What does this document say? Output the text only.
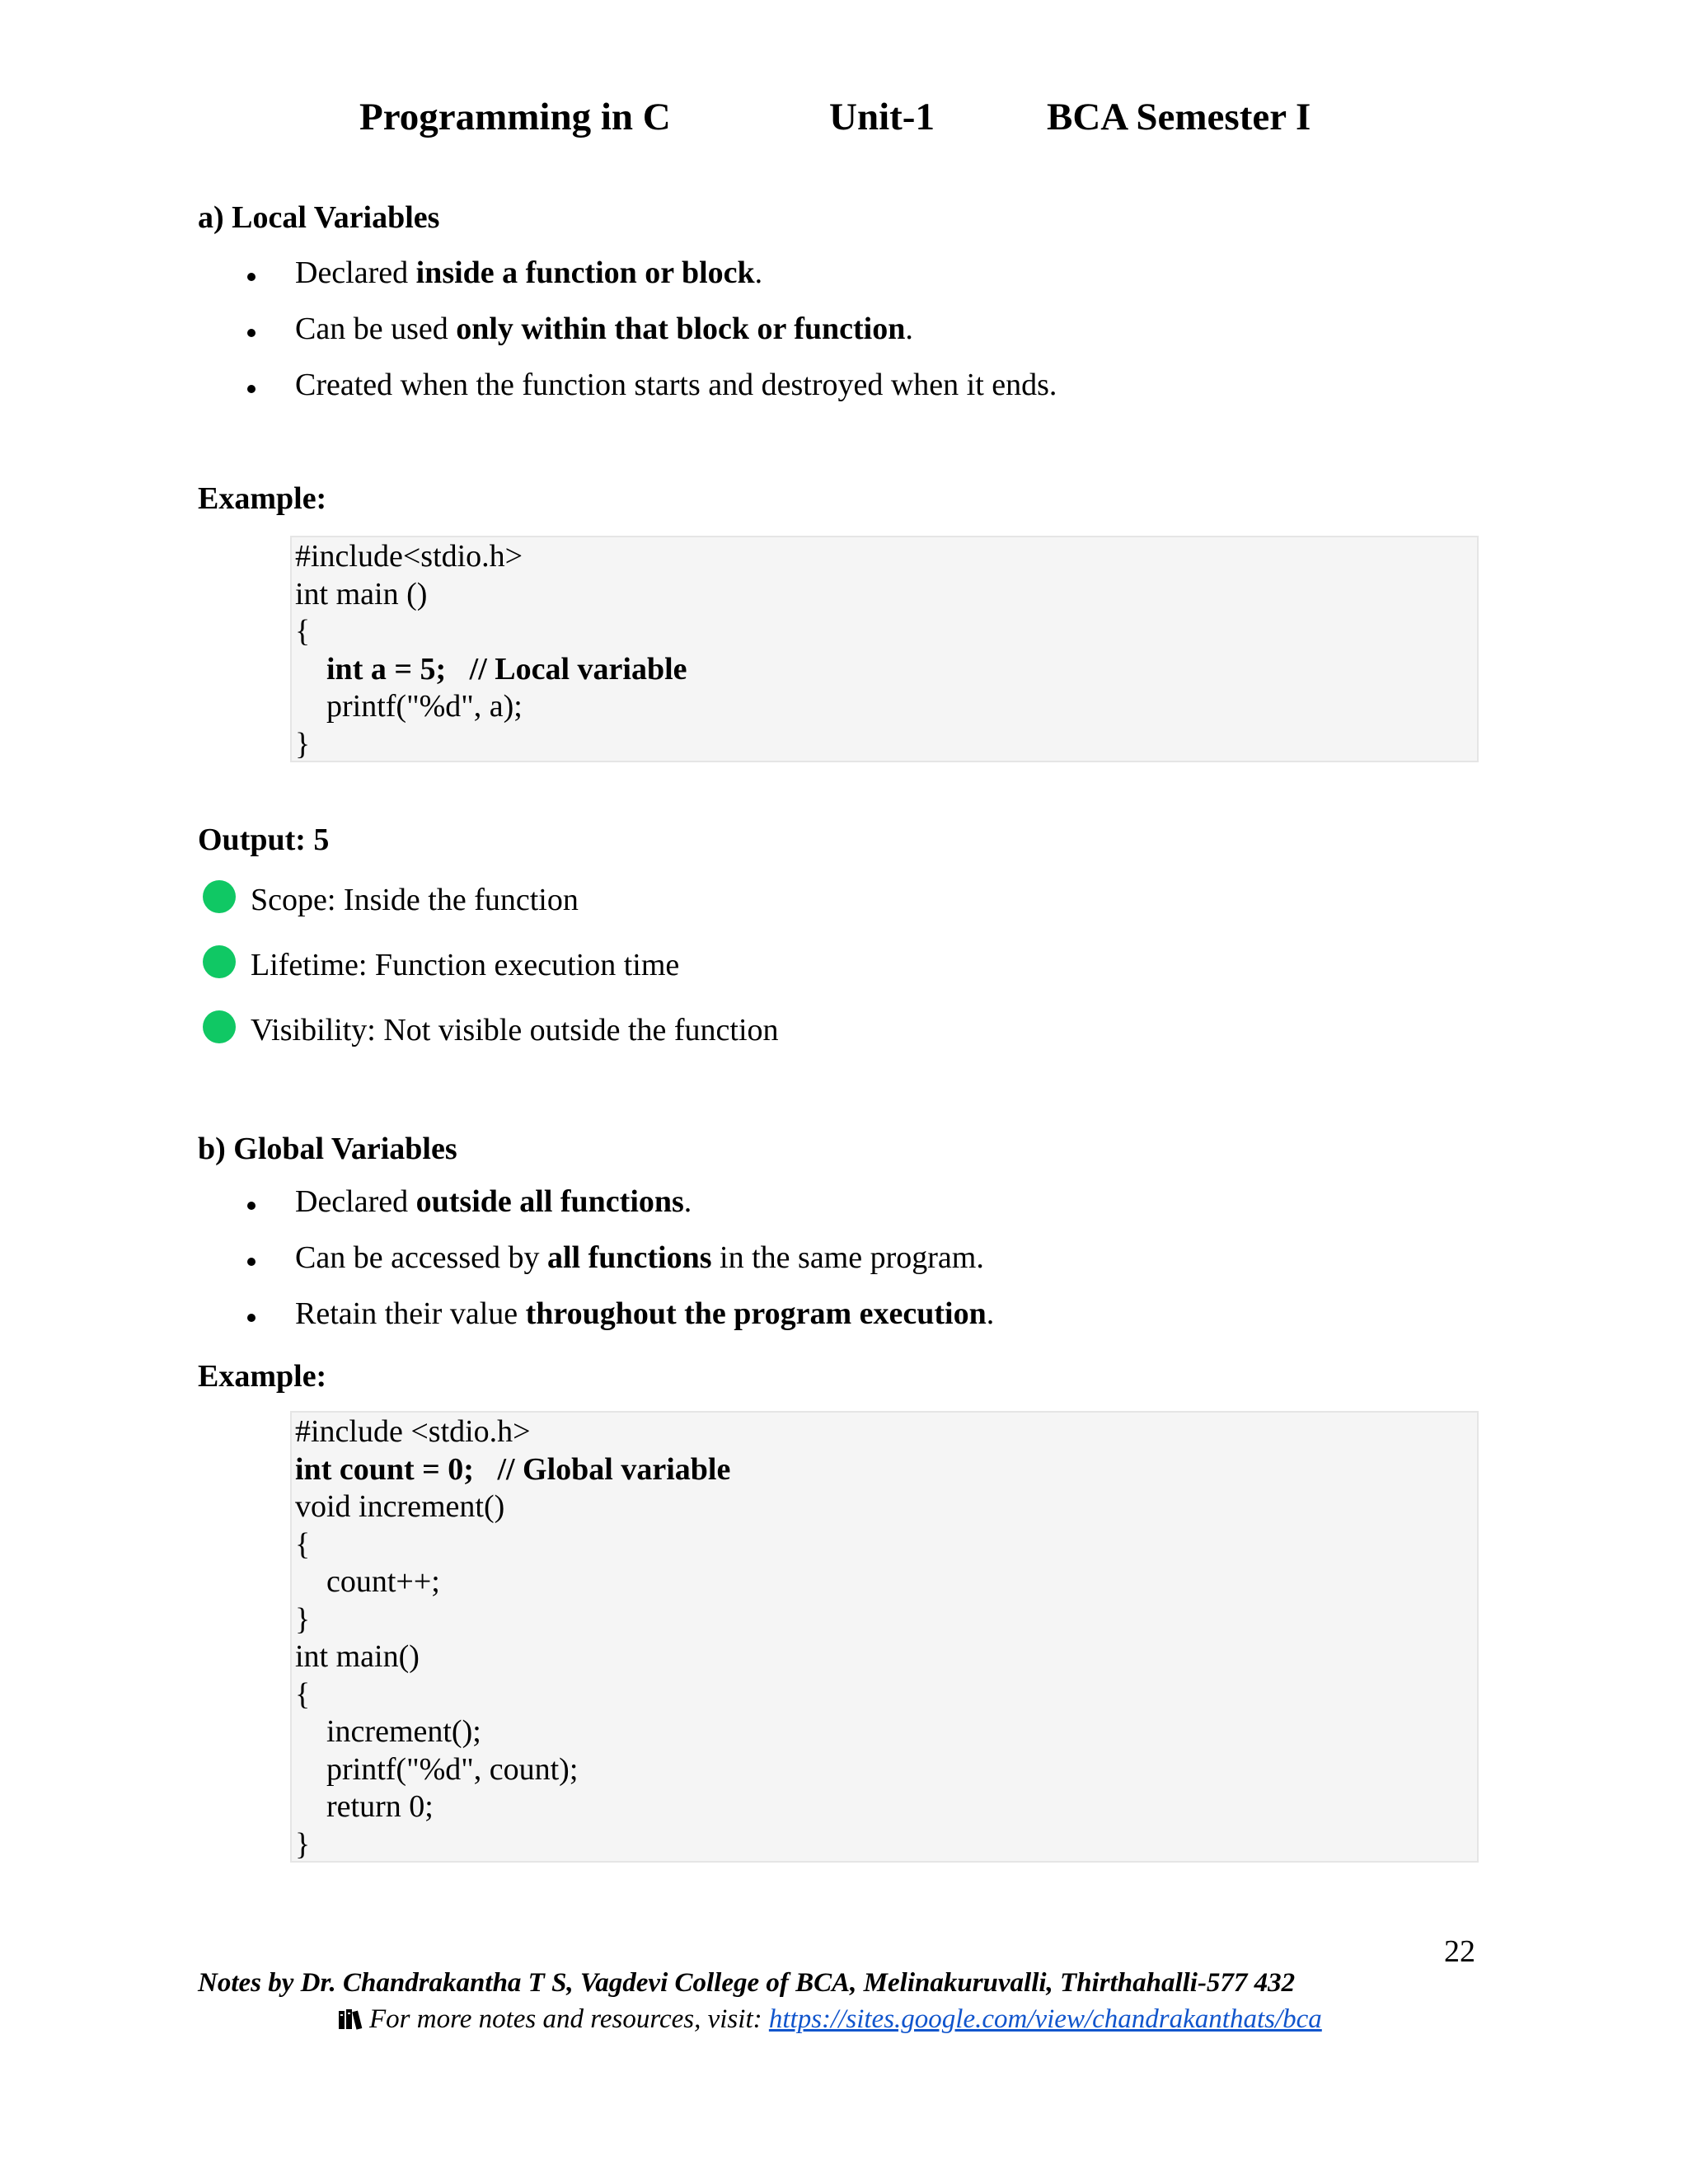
Programming in C	Unit-1	BCA Semester I
a) Local Variables
Declared inside a function or block.
Can be used only within that block or function.
Created when the function starts and destroyed when it ends.
Example:
#include<stdio.h>
int main ()
{
int a = 5;   // Local variable
printf("%d", a);
}
Output: 5
Scope: Inside the function
Lifetime: Function execution time
Visibility: Not visible outside the function
b) Global Variables
Declared outside all functions.
Can be accessed by all functions in the same program.
Retain their value throughout the program execution.
Example:
#include <stdio.h>
int count = 0;   // Global variable
void increment()
{
count++;
}
int main()
{
increment();
printf("%d", count);
return 0;
}
22
Notes by Dr. Chandrakantha T S, Vagdevi College of BCA, Melinakuruvalli, Thirthahalli-577 432
For more notes and resources, visit: https://sites.google.com/view/chandrakanthats/bca
